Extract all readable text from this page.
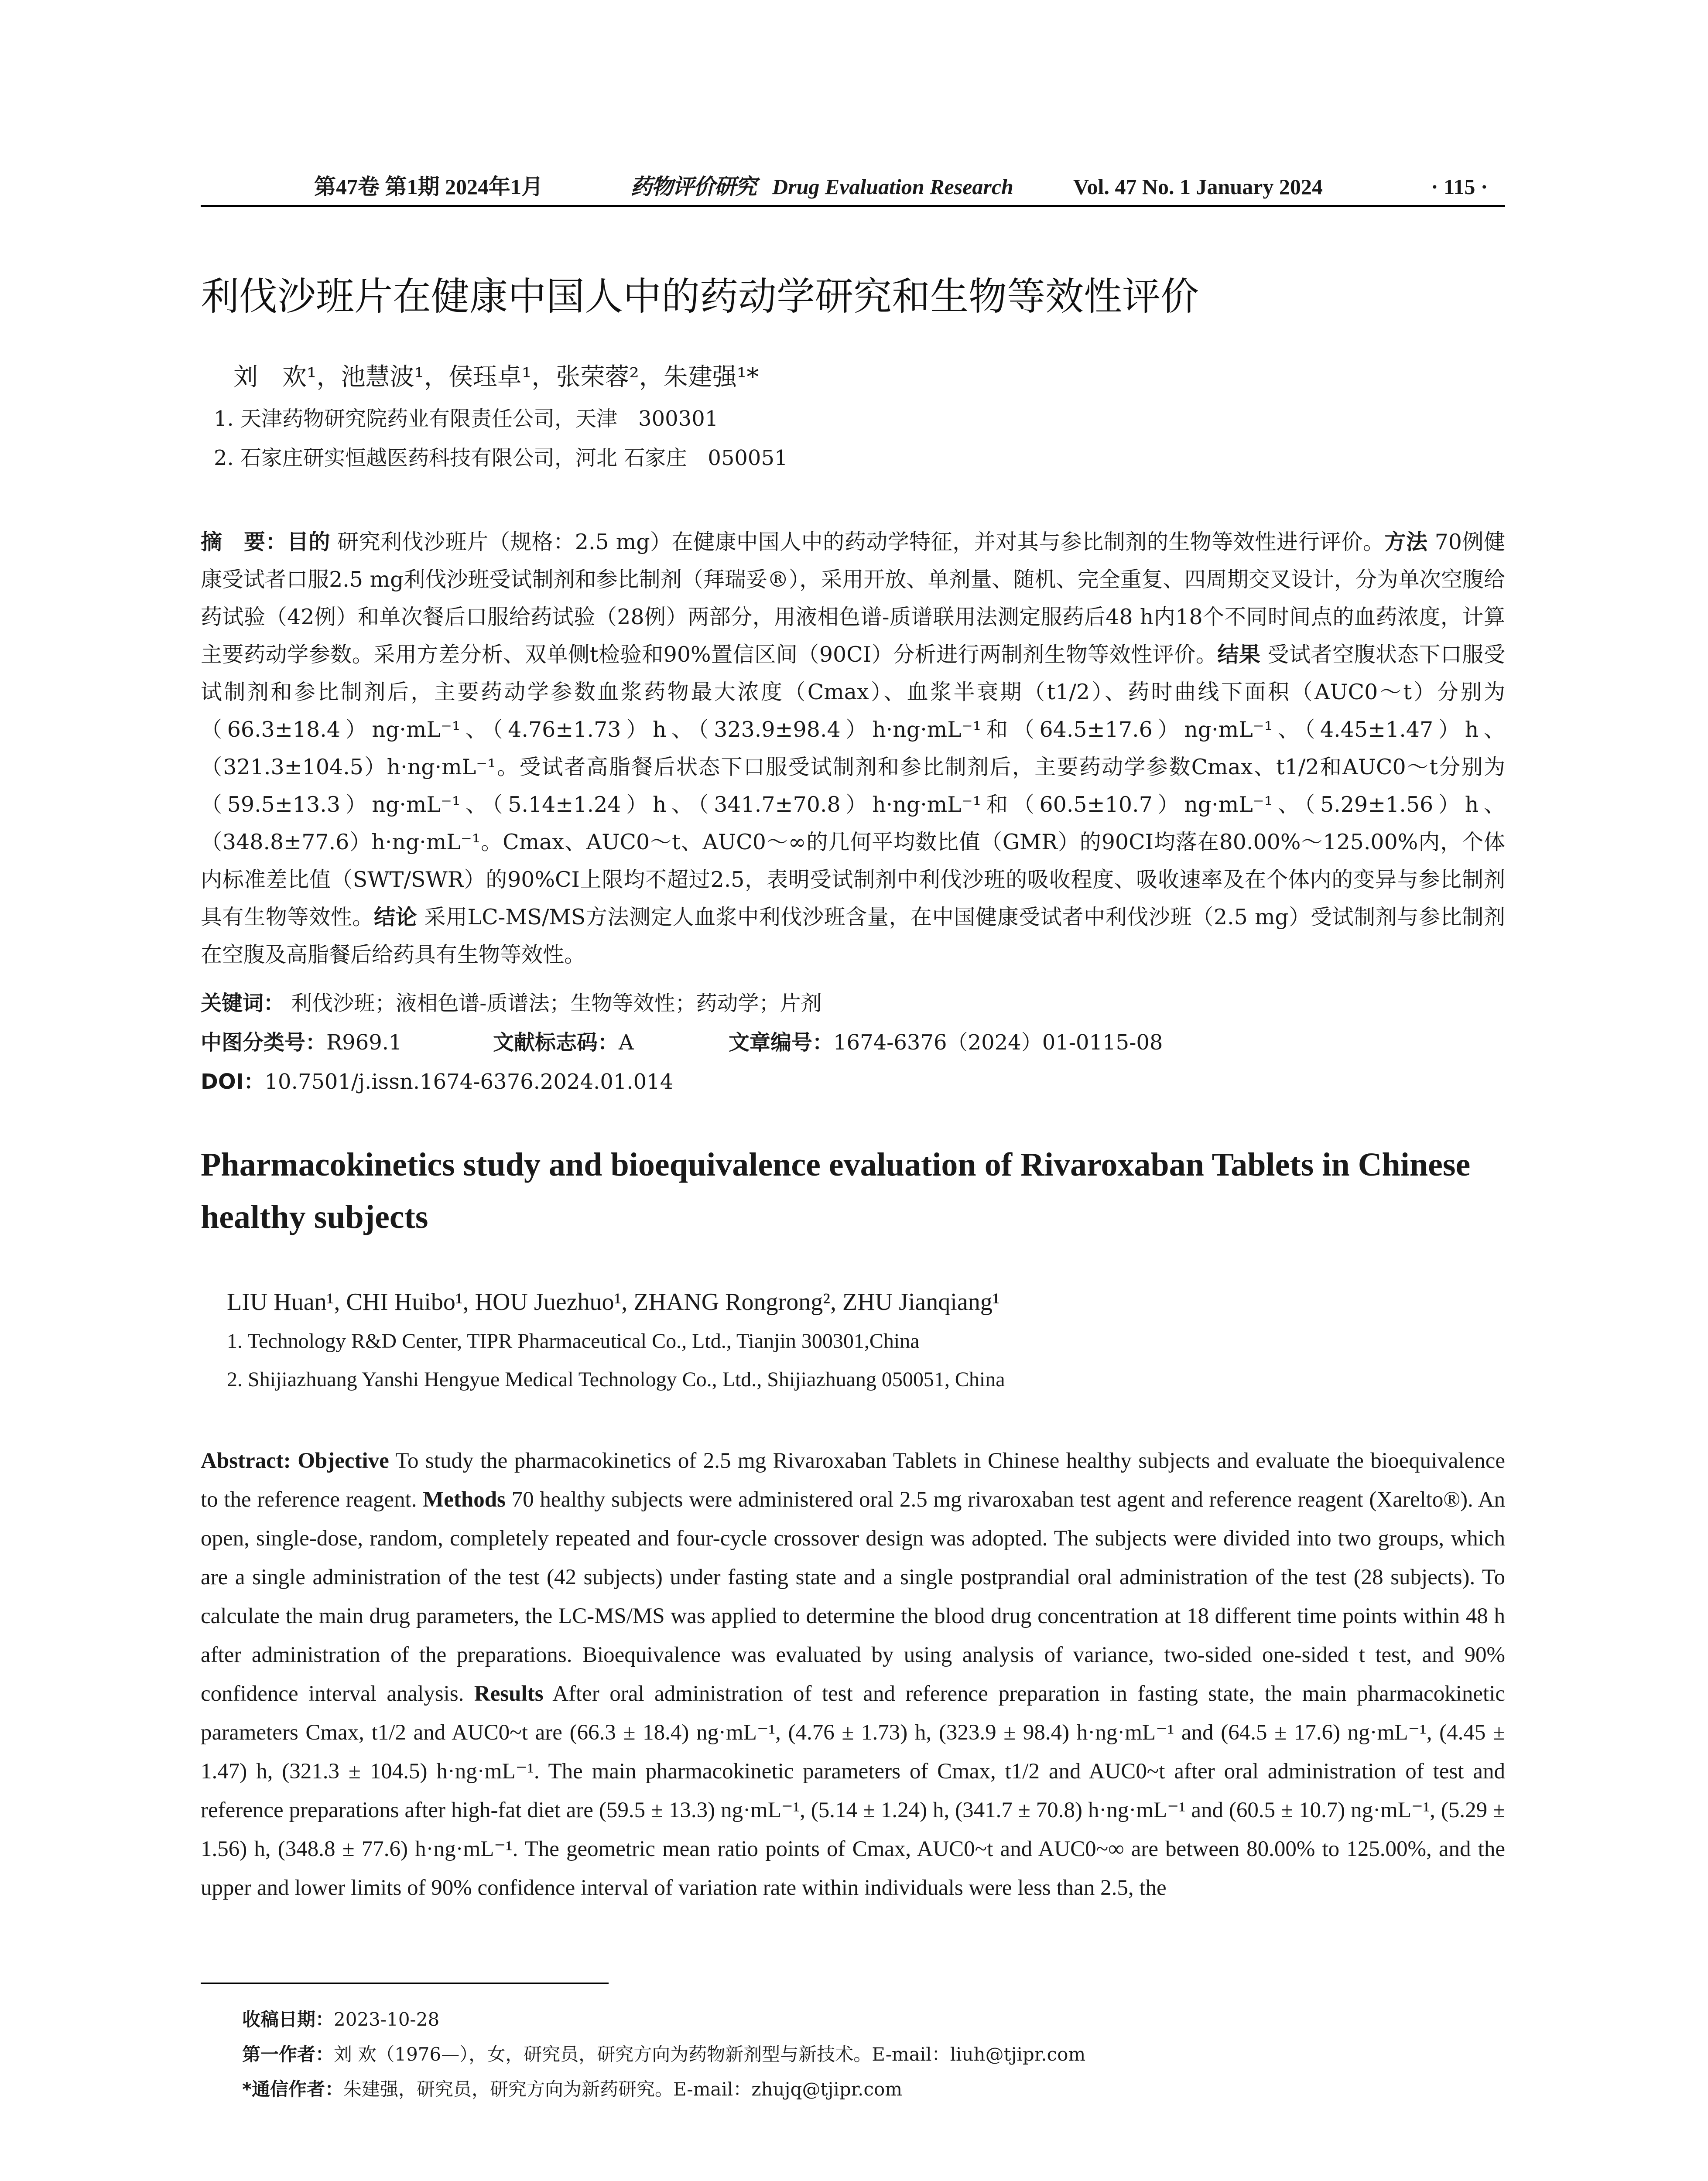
第47卷 第1期 2024年1月	药物评价研究 Drug Evaluation Research	Vol. 47 No. 1 January 2024	· 115 ·
利伐沙班片在健康中国人中的药动学研究和生物等效性评价
刘　欢¹，池慧波¹，侯珏卓¹，张荣蓉²，朱建强¹*
1. 天津药物研究院药业有限责任公司，天津　300301
2. 石家庄研实恒越医药科技有限公司，河北 石家庄　050051
摘　要：目的 研究利伐沙班片（规格：2.5 mg）在健康中国人中的药动学特征，并对其与参比制剂的生物等效性进行评价。方法 70例健康受试者口服2.5 mg利伐沙班受试制剂和参比制剂（拜瑞妥®），采用开放、单剂量、随机、完全重复、四周期交叉设计，分为单次空腹给药试验（42例）和单次餐后口服给药试验（28例）两部分，用液相色谱-质谱联用法测定服药后48 h内18个不同时间点的血药浓度，计算主要药动学参数。采用方差分析、双单侧t检验和90%置信区间（90CI）分析进行两制剂生物等效性评价。结果 受试者空腹状态下口服受试制剂和参比制剂后，主要药动学参数血浆药物最大浓度（Cmax）、血浆半衰期（t1/2）、药时曲线下面积（AUC0～t）分别为（66.3±18.4）ng·mL⁻¹、（4.76±1.73）h、（323.9±98.4）h·ng·mL⁻¹和（64.5±17.6）ng·mL⁻¹、（4.45±1.47）h、（321.3±104.5）h·ng·mL⁻¹。受试者高脂餐后状态下口服受试制剂和参比制剂后，主要药动学参数Cmax、t1/2和AUC0～t分别为（59.5±13.3）ng·mL⁻¹、（5.14±1.24）h、（341.7±70.8）h·ng·mL⁻¹和（60.5±10.7）ng·mL⁻¹、（5.29±1.56）h、（348.8±77.6）h·ng·mL⁻¹。Cmax、AUC0～t、AUC0～∞的几何平均数比值（GMR）的90CI均落在80.00%～125.00%内，个体内标准差比值（SWT/SWR）的90%CI上限均不超过2.5，表明受试制剂中利伐沙班的吸收程度、吸收速率及在个体内的变异与参比制剂具有生物等效性。结论 采用LC-MS/MS方法测定人血浆中利伐沙班含量，在中国健康受试者中利伐沙班（2.5 mg）受试制剂与参比制剂在空腹及高脂餐后给药具有生物等效性。
关键词： 利伐沙班；液相色谱-质谱法；生物等效性；药动学；片剂
中图分类号：R969.1	文献标志码：A	文章编号：1674-6376（2024）01-0115-08
DOI：10.7501/j.issn.1674-6376.2024.01.014
Pharmacokinetics study and bioequivalence evaluation of Rivaroxaban Tablets in Chinese healthy subjects
LIU Huan¹, CHI Huibo¹, HOU Juezhuo¹, ZHANG Rongrong², ZHU Jianqiang¹
1. Technology R&D Center, TIPR Pharmaceutical Co., Ltd., Tianjin 300301,China
2. Shijiazhuang Yanshi Hengyue Medical Technology Co., Ltd., Shijiazhuang 050051, China
Abstract: Objective To study the pharmacokinetics of 2.5 mg Rivaroxaban Tablets in Chinese healthy subjects and evaluate the bioequivalence to the reference reagent. Methods 70 healthy subjects were administered oral 2.5 mg rivaroxaban test agent and reference reagent (Xarelto®). An open, single-dose, random, completely repeated and four-cycle crossover design was adopted. The subjects were divided into two groups, which are a single administration of the test (42 subjects) under fasting state and a single postprandial oral administration of the test (28 subjects). To calculate the main drug parameters, the LC-MS/MS was applied to determine the blood drug concentration at 18 different time points within 48 h after administration of the preparations. Bioequivalence was evaluated by using analysis of variance, two-sided one-sided t test, and 90% confidence interval analysis. Results After oral administration of test and reference preparation in fasting state, the main pharmacokinetic parameters Cmax, t1/2 and AUC0~t are (66.3 ± 18.4) ng·mL⁻¹, (4.76 ± 1.73) h, (323.9 ± 98.4) h·ng·mL⁻¹ and (64.5 ± 17.6) ng·mL⁻¹, (4.45 ± 1.47) h, (321.3 ± 104.5) h·ng·mL⁻¹. The main pharmacokinetic parameters of Cmax, t1/2 and AUC0~t after oral administration of test and reference preparations after high-fat diet are (59.5 ± 13.3) ng·mL⁻¹, (5.14 ± 1.24) h, (341.7 ± 70.8) h·ng·mL⁻¹ and (60.5 ± 10.7) ng·mL⁻¹, (5.29 ± 1.56) h, (348.8 ± 77.6) h·ng·mL⁻¹. The geometric mean ratio points of Cmax, AUC0~t and AUC0~∞ are between 80.00% to 125.00%, and the upper and lower limits of 90% confidence interval of variation rate within individuals were less than 2.5, the
收稿日期：2023-10-28
第一作者：刘 欢（1976—），女，研究员，研究方向为药物新剂型与新技术。E-mail：liuh@tjipr.com
*通信作者：朱建强，研究员，研究方向为新药研究。E-mail：zhujq@tjipr.com
